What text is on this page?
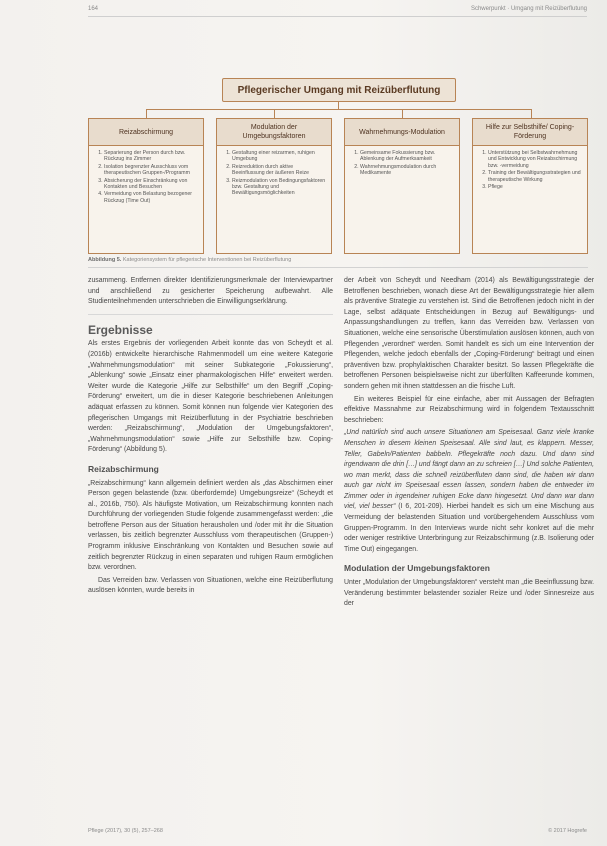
164	Schwerpunkt · Umgang mit Reizüberflutung
Pflegerischer Umgang mit Reizüberflutung
Reizabschirmung
1. Separierung der Person durch bzw. Rückzug ins Zimmer
2. Isolation begrenzter Ausschluss vom therapeutischen Gruppen-/Programm
3. Absicherung der Einschränkung von Kontakten und Besuchen
4. Vermeidung von Belastung bezogener Rückzug (Time Out)
Modulation der Umgebungsfaktoren
1. Gestaltung einer reizarmen, ruhigen Umgebung
2. Reizreduktion durch aktive Beeinflussung der äußeren Reize
3. Reizmodulation von Bedingungsfaktoren bzw. Gestaltung und Bewältigungsmöglichkeiten
Wahrnehmungs-Modulation
1. Gemeinsame Fokussierung bzw. Ablenkung der Aufmerksamkeit
2. Wahrnehmungsmodulation durch Medikamente
Hilfe zur Selbsthilfe/ Coping-Förderung
1. Unterstützung bei Selbstwahrnehmung und Entwicklung von Reizabschirmung bzw. -vermeidung
2. Training der Bewältigungsstrategien und therapeutische Wirkung
3. Pflege
Abbildung 5. Kategoriensystem für pflegerische Interventionen bei Reizüberflutung

zusammeng. Entfernen direkter Identifizierungsmerkmale der Interviewpartner und anschließend zu gesicherter Speicherung aufbewahrt. Alle Studienteilnehmenden unterschrieben die Einwilligungserklärung.

Ergebnisse

Als erstes Ergebnis der vorliegenden Arbeit konnte das von Scheydt et al. (2016b) entwickelte hierarchische Rahmenmodell um eine weitere Kategorie „Wahrnehmungsmodulation“ mit seiner Subkategorie „Fokussierung“, „Ablenkung“ sowie „Einsatz einer pharmakologischen Hilfe“ erweitert werden. Weiter wurde die Kategorie „Hilfe zur Selbsthilfe“ um den Begriff „Coping-Förderung“ erweitert, um die in dieser Kategorie beschriebenen Anleitungen adäquat erfassen zu können. Somit können nun folgende vier Kategorien des pflegerischen Umgangs mit Reizüberflutung in der Psychiatrie beschrieben werden: „Reizabschirmung“, „Modulation der Umgebungsfaktoren“, „Wahrnehmungsmodulation“ sowie „Hilfe zur Selbsthilfe bzw. Coping-Förderung“ (Abbildung 5).

Reizabschirmung

„Reizabschirmung“ kann allgemein definiert werden als „das Abschirmen einer Person gegen belastende (bzw. überfordernde) Umgebungsreize“ (Scheydt et al., 2016b, 750). Als häufigste Motivation, um Reizabschirmung konnten nach Durchführung der vorliegenden Studie folgende zusammengefasst werden: „die betroffene Person aus der Situation herausholen und /oder mit ihr die Situation verlassen, bis zeitlich begrenzter Ausschluss vom therapeutischen (Gruppen-) Programm inklusive Einschränkung von Kontakten und Besuchen sowie auf zeitlich begrenzter Rückzug in einen separaten und ruhigen Raum ermöglichen bzw. verordnen.

Das Verreiden bzw. Verlassen von Situationen, welche eine Reizüberflutung auslösen könnten, wurde bereits in

der Arbeit von Scheydt und Needham (2014) als Bewältigungsstrategie der Betroffenen beschrieben, wonach diese Art der Bewältigungsstrategie hier allem als präventive Strategie zu verstehen ist. Sind die Betroffenen jedoch nicht in der Lage, selbst adäquate Entscheidungen in Bezug auf Bewältigungs- und Anpassungshandlungen zu treffen, kann das Verreiden bzw. Verlassen von Situationen, welche eine sensorische Überstimulation auslösen können, auch von Pflegenden „verordnet“ werden. Somit handelt es sich um eine Intervention der Pflegenden, welche jedoch ebenfalls der „Coping-Förderung“ beitragt und einen präventiven bzw. prophylaktischen Charakter besitzt. So lassen Pflegekräfte die betroffenen Personen beispielsweise nicht zur überfüllten Kaffeerunde kommen, sondern gehen mit ihnen stattdessen an die frische Luft.

Ein weiteres Beispiel für eine einfache, aber mit Aussagen der Befragten effektive Massnahme zur Reizabschirmung wird in folgendem Textausschnitt beschrieben:

„Und natürlich sind auch unsere Situationen am Speisesaal. Ganz viele kranke Menschen in diesem kleinen Speisesaal. Alle sind laut, es klappern. Messer, Teller, Gabeln/Patienten babbeln. Pflegekräfte noch dazu. Und dann sind irgendwann die drin […] und fängt dann an zu schreien […] Und solche Patienten, wo man merkt, dass die schnell reizüberfluten dann sind, die haben wir dann auch gar nicht im Speisesaal essen lassen, sondern haben die entweder im Zimmer oder in irgendeiner ruhigen Ecke dann hingesetzt. Und dann war dann viel, viel besser“ (I 6, 201-209). Hierbei handelt es sich um eine Mischung aus Vermeidung der belastenden Situation und vorübergehendem Ausschluss vom Gruppen-Programm. In den Interviews wurde nicht sehr konkret auf die mehr oder weniger restriktive Unterbringung zur Reizabschirmung (z.B. Isolierung oder Time Out) eingegangen.

Modulation der Umgebungsfaktoren

Unter „Modulation der Umgebungsfaktoren“ versteht man „die Beeinflussung bzw. Veränderung bestimmter belastender sozialer Reize und /oder Sinnesreize aus der

Pflege (2017), 30 (5), 257–268	© 2017 Hogrefe
